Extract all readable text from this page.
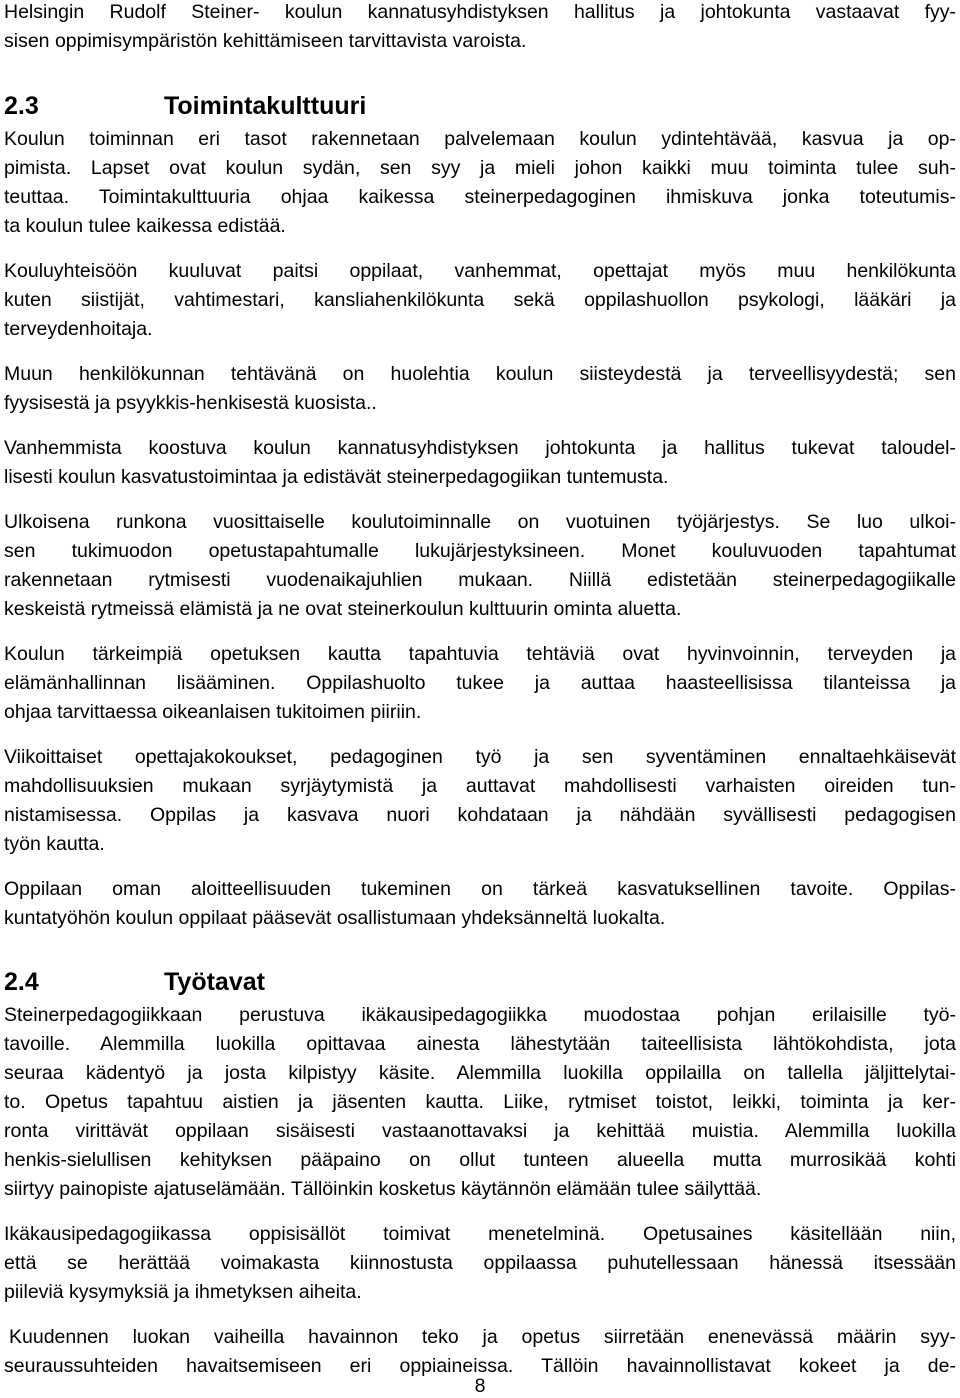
Helsingin Rudolf Steiner- koulun kannatusyhdistyksen hallitus ja johtokunta vastaavat fyy-
sisen oppimisympäristön kehittämiseen tarvittavista varoista.
2.3	Toimintakulttuuri
Koulun toiminnan eri tasot rakennetaan palvelemaan koulun ydintehtävää, kasvua ja op-
pimista. Lapset ovat koulun sydän, sen syy ja mieli johon kaikki muu toiminta tulee suh-
teuttaa. Toimintakulttuuria ohjaa kaikessa steinerpedagoginen ihmiskuva jonka toteutumis-
ta koulun tulee kaikessa edistää.
Kouluyhteisöön kuuluvat paitsi oppilaat, vanhemmat, opettajat myös muu henkilökunta
kuten siistijät, vahtimestari, kansliahenkilökunta sekä oppilashuollon psykologi, lääkäri ja
terveydenhoitaja.
Muun henkilökunnan tehtävänä on huolehtia koulun siisteydestä ja terveellisyydestä; sen
fyysisestä ja psyykkis-henkisestä kuosista..
Vanhemmista koostuva koulun kannatusyhdistyksen johtokunta ja hallitus tukevat taloudel-
lisesti koulun kasvatustoimintaa ja edistävät steinerpedagogiikan tuntemusta.
Ulkoisena runkona vuosittaiselle koulutoiminnalle on vuotuinen työjärjestys. Se luo ulkoi-
sen tukimuodon opetustapahtumalle lukujärjestyksineen. Monet kouluvuoden tapahtumat
rakennetaan rytmisesti vuodenaikajuhlien mukaan. Niillä edistetään steinerpedagogiikalle
keskeistä rytmeissä elämistä ja ne ovat steinerkoulun kulttuurin ominta aluetta.
Koulun tärkeimpiä opetuksen kautta tapahtuvia tehtäviä ovat hyvinvoinnin, terveyden ja
elämänhallinnan lisääminen. Oppilashuolto tukee ja auttaa haasteellisissa tilanteissa ja
ohjaa tarvittaessa oikeanlaisen tukitoimen piiriin.
Viikoittaiset opettajakokoukset, pedagoginen työ ja sen syventäminen ennaltaehkäisevät
mahdollisuuksien mukaan syrjäytymistä ja auttavat mahdollisesti varhaisten oireiden tun-
nistamisessa. Oppilas ja kasvava nuori kohdataan ja nähdään syvällisesti pedagogisen
työn kautta.
Oppilaan oman aloitteellisuuden tukeminen on tärkeä kasvatuksellinen tavoite. Oppilas-
kuntatyöhön koulun oppilaat pääsevät osallistumaan yhdeksänneltä luokalta.
2.4	Työtavat
Steinerpedagogiikkaan perustuva ikäkausipedagogiikka muodostaa pohjan erilaisille työ-
tavoille. Alemmilla luokilla opittavaa ainesta lähestytään taiteellisista lähtökohdista, jota
seuraa kädentyö ja josta kilpistyy käsite. Alemmilla luokilla oppilailla on tallella jäljittelytai-
to. Opetus tapahtuu aistien ja jäsenten kautta. Liike, rytmiset toistot, leikki, toiminta ja ker-
ronta virittävät oppilaan sisäisesti vastaanottavaksi ja kehittää muistia. Alemmilla luokilla
henkis-sielullisen kehityksen pääpaino on ollut tunteen alueella mutta murrosikää kohti
siirtyy painopiste ajatuselämään. Tällöinkin kosketus käytännön elämään tulee säilyttää.
Ikäkausipedagogiikassa oppisisällöt toimivat menetelminä. Opetusaines käsitellään niin,
että se herättää voimakasta kiinnostusta oppilaassa puhutellessaan hänessä itsessään
piileviä kysymyksiä ja ihmetyksen aiheita.
Kuudennen luokan vaiheilla havainnon teko ja opetus siirretään enenevässä määrin syy-
seuraussuhteiden havaitsemiseen eri oppiaineissa. Tällöin havainnollistavat kokeet ja de-
8
